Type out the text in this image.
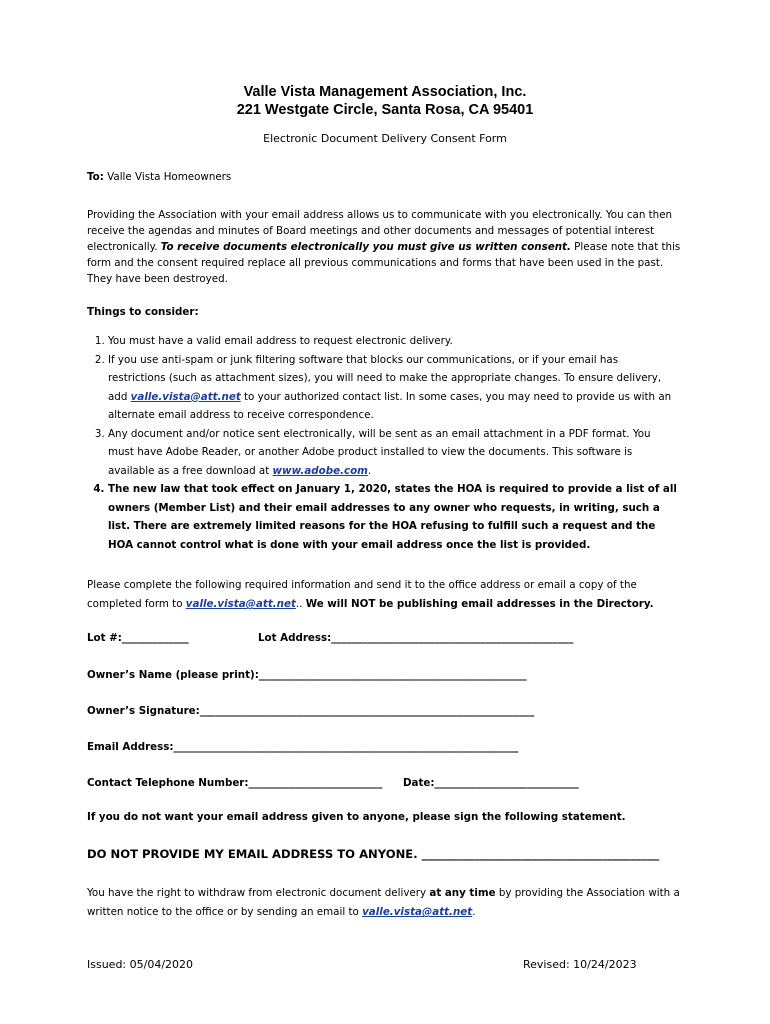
Valle Vista Management Association, Inc.
221 Westgate Circle, Santa Rosa, CA 95401
Electronic Document Delivery Consent Form
To: Valle Vista Homeowners
Providing the Association with your email address allows us to communicate with you electronically. You can then receive the agendas and minutes of Board meetings and other documents and messages of potential interest electronically. To receive documents electronically you must give us written consent. Please note that this form and the consent required replace all previous communications and forms that have been used in the past. They have been destroyed.
Things to consider:
1. You must have a valid email address to request electronic delivery.
2. If you use anti-spam or junk filtering software that blocks our communications, or if your email has restrictions (such as attachment sizes), you will need to make the appropriate changes. To ensure delivery, add valle.vista@att.net to your authorized contact list. In some cases, you may need to provide us with an alternate email address to receive correspondence.
3. Any document and/or notice sent electronically, will be sent as an email attachment in a PDF format. You must have Adobe Reader, or another Adobe product installed to view the documents. This software is available as a free download at www.adobe.com.
4. The new law that took effect on January 1, 2020, states the HOA is required to provide a list of all owners (Member List) and their email addresses to any owner who requests, in writing, such a list. There are extremely limited reasons for the HOA refusing to fulfill such a request and the HOA cannot control what is done with your email address once the list is provided.
Please complete the following required information and send it to the office address or email a copy of the completed form to valle.vista@att.net.. We will NOT be publishing email addresses in the Directory.
Lot #:_____________	Lot Address:_______________________________________________
Owner’s Name (please print):____________________________________________________
Owner’s Signature:_________________________________________________________________
Email Address:___________________________________________________________________
Contact Telephone Number:__________________________ Date:____________________________
If you do not want your email address given to anyone, please sign the following statement.
DO NOT PROVIDE MY EMAIL ADDRESS TO ANYONE. _________________________________________
You have the right to withdraw from electronic document delivery at any time by providing the Association with a written notice to the office or by sending an email to valle.vista@att.net.
Issued: 05/04/2020	Revised: 10/24/2023
